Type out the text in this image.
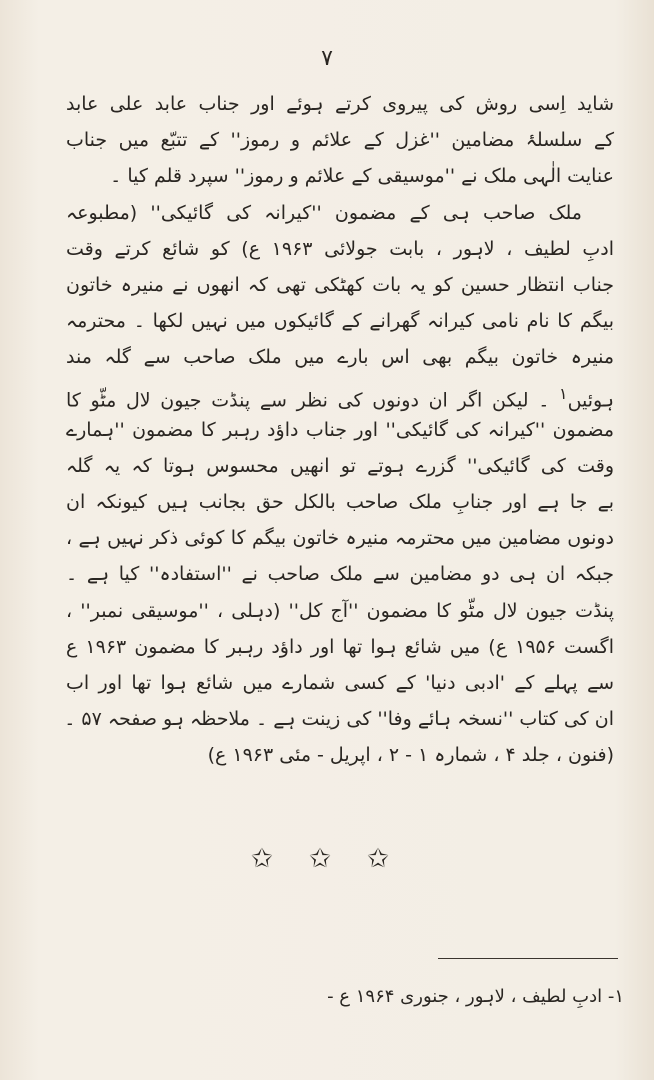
۷
شاید اِسی روش کی پیروی کرتے ہوئے اور جناب عابد علی عابد
کے سلسلۂ مضامین ''غزل کے علائم و رموز'' کے تتبّع میں جناب
عنایت الٰہی ملک نے ''موسیقی کے علائم و رموز'' سپرد قلم کیا ۔
ملک صاحب ہی کے مضمون ''کیرانہ کی گائیکی'' (مطبوعہ
ادبِ لطیف ، لاہور ، بابت جولائی ۱۹۶۳ ع) کو شائع کرتے وقت
جناب انتظار حسین کو یہ بات کھٹکی تھی کہ انھوں نے منیرہ خاتون
بیگم کا نام نامی کیرانہ گھرانے کے گائیکوں میں نہیں لکھا ۔ محترمہ
منیرہ خاتون بیگم بھی اس بارے میں ملک صاحب سے گلہ مند
ہوئیں$^۱$ ۔ لیکن اگر ان دونوں کی نظر سے پنڈت جیون لال مٹّو کا
مضمون ''کیرانہ کی گائیکی'' اور جناب داؤد رہبر کا مضمون ''ہمارے
وقت کی گائیکی'' گزرے ہوتے تو انھیں محسوس ہوتا کہ یہ گلہ
بے جا ہے اور جنابِ ملک صاحب بالکل حق بجانب ہیں کیونکہ ان
دونوں مضامین میں محترمہ منیرہ خاتون بیگم کا کوئی ذکر نہیں ہے ،
جبکہ ان ہی دو مضامین سے ملک صاحب نے ''استفادہ'' کیا ہے ۔
پنڈت جیون لال مٹّو کا مضمون ''آج کل'' (دہلی ، ''موسیقی نمبر'' ،
اگست ۱۹۵۶ ع) میں شائع ہوا تھا اور داؤد رہبر کا مضمون ۱۹۶۳ ع
سے پہلے کے 'ادبی دنیا' کے کسی شمارے میں شائع ہوا تھا اور اب
ان کی کتاب ''نسخہ ہائے وفا'' کی زینت ہے ۔ ملاحظہ ہو صفحہ ۵۷ ۔
(فنون ، جلد ۴ ، شمارہ ۱ - ۲ ، اپریل - مئی ۱۹۶۳ ع)
✩ ✩ ✩
۱- ادبِ لطیف ، لاہور ، جنوری ۱۹۶۴ ع -
